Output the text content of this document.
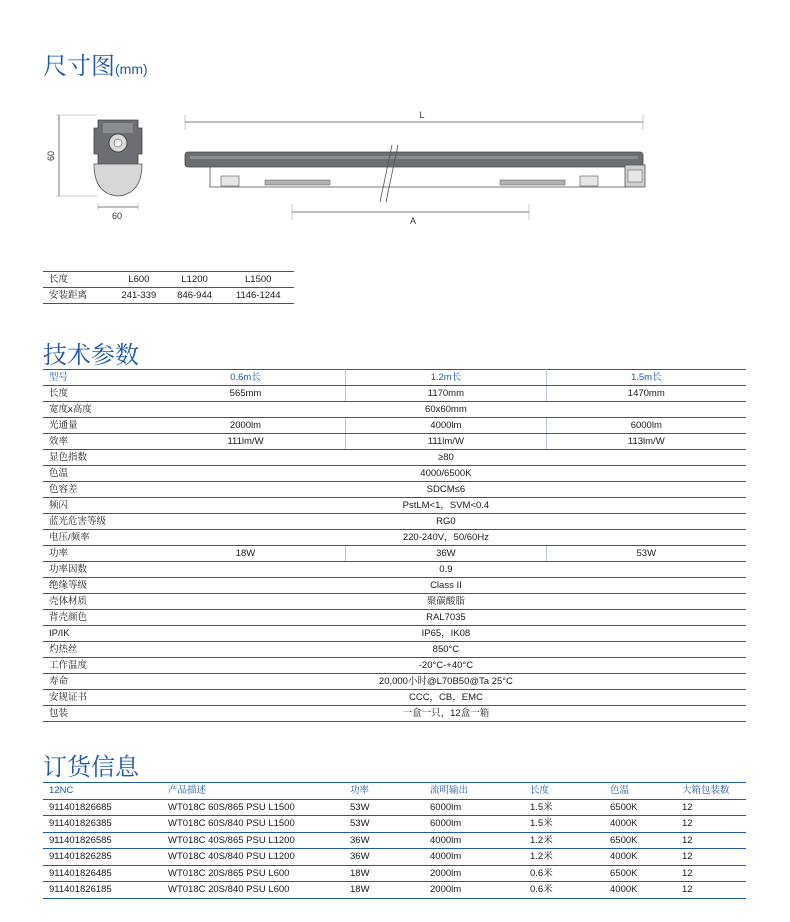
尺寸图(mm)
60
60
L
A
长度	L600	L1200	L1500
安装距离	241-339	846-944	1146-1244
技术参数
型号	0.6m长	1.2m长	1.5m长
长度	565mm	1170mm	1470mm
宽度x高度	60x60mm		
光通量	2000lm	4000lm	6000lm
效率	111lm/W	111lm/W	113lm/W
显色指数	≥80		
色温	4000/6500K		
色容差	SDCM≤6		
频闪	PstLM<1，SVM<0.4		
蓝光危害等级	RG0		
电压/频率	220-240V，50/60Hz		
功率	18W	36W	53W
功率因数	0.9		
绝缘等级	Class II		
壳体材质	聚碳酸脂		
背壳颜色	RAL7035		
IP/IK	IP65，IK08		
灼热丝	850°C		
工作温度	-20°C-+40°C		
寿命	20,000小时@L70B50@Ta 25°C		
安规证书	CCC，CB，EMC		
包装	一盒一只，12盒一箱		
订货信息
12NC	产品描述	功率	流明输出	长度	色温	大箱包装数
911401826685	WT018C 60S/865 PSU L1500	53W	6000lm	1.5米	6500K	12
911401826385	WT018C 60S/840 PSU L1500	53W	6000lm	1.5米	4000K	12
911401826585	WT018C 40S/865 PSU L1200	36W	4000lm	1.2米	6500K	12
911401826285	WT018C 40S/840 PSU L1200	36W	4000lm	1.2米	4000K	12
911401826485	WT018C 20S/865 PSU L600	18W	2000lm	0.6米	6500K	12
911401826185	WT018C 20S/840 PSU L600	18W	2000lm	0.6米	4000K	12
